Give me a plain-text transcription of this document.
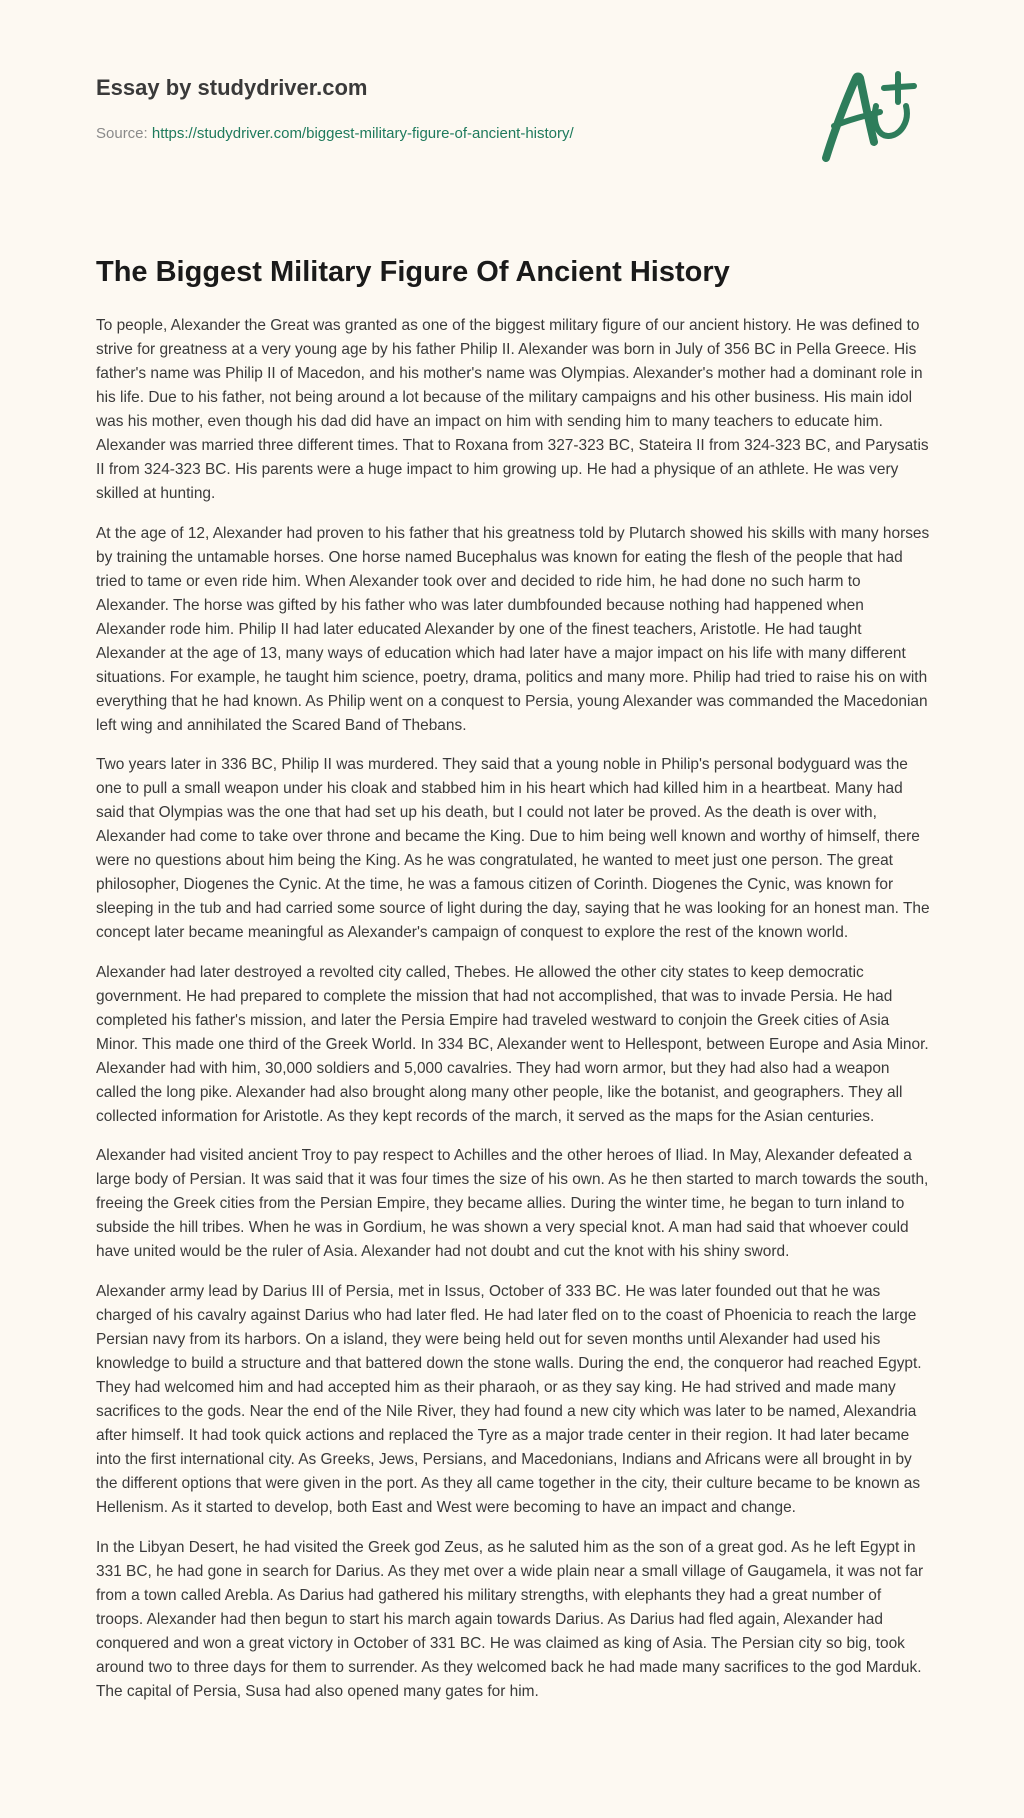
Essay by studydriver.com
Source: https://studydriver.com/biggest-military-figure-of-ancient-history/
The Biggest Military Figure Of Ancient History

To people, Alexander the Great was granted as one of the biggest military figure of our ancient history. He was defined to strive for greatness at a very young age by his father Philip II. Alexander was born in July of 356 BC in Pella Greece. His father's name was Philip II of Macedon, and his mother's name was Olympias. Alexander's mother had a dominant role in his life. Due to his father, not being around a lot because of the military campaigns and his other business. His main idol was his mother, even though his dad did have an impact on him with sending him to many teachers to educate him. Alexander was married three different times. That to Roxana from 327-323 BC, Stateira II from 324-323 BC, and Parysatis II from 324-323 BC. His parents were a huge impact to him growing up. He had a physique of an athlete. He was very skilled at hunting.

At the age of 12, Alexander had proven to his father that his greatness told by Plutarch showed his skills with many horses by training the untamable horses. One horse named Bucephalus was known for eating the flesh of the people that had tried to tame or even ride him. When Alexander took over and decided to ride him, he had done no such harm to Alexander. The horse was gifted by his father who was later dumbfounded because nothing had happened when Alexander rode him. Philip II had later educated Alexander by one of the finest teachers, Aristotle. He had taught Alexander at the age of 13, many ways of education which had later have a major impact on his life with many different situations. For example, he taught him science, poetry, drama, politics and many more. Philip had tried to raise his on with everything that he had known. As Philip went on a conquest to Persia, young Alexander was commanded the Macedonian left wing and annihilated the Scared Band of Thebans.

Two years later in 336 BC, Philip II was murdered. They said that a young noble in Philip's personal bodyguard was the one to pull a small weapon under his cloak and stabbed him in his heart which had killed him in a heartbeat. Many had said that Olympias was the one that had set up his death, but I could not later be proved. As the death is over with, Alexander had come to take over throne and became the King. Due to him being well known and worthy of himself, there were no questions about him being the King. As he was congratulated, he wanted to meet just one person. The great philosopher, Diogenes the Cynic. At the time, he was a famous citizen of Corinth. Diogenes the Cynic, was known for sleeping in the tub and had carried some source of light during the day, saying that he was looking for an honest man. The concept later became meaningful as Alexander's campaign of conquest to explore the rest of the known world.

Alexander had later destroyed a revolted city called, Thebes. He allowed the other city states to keep democratic government. He had prepared to complete the mission that had not accomplished, that was to invade Persia. He had completed his father's mission, and later the Persia Empire had traveled westward to conjoin the Greek cities of Asia Minor. This made one third of the Greek World. In 334 BC, Alexander went to Hellespont, between Europe and Asia Minor. Alexander had with him, 30,000 soldiers and 5,000 cavalries. They had worn armor, but they had also had a weapon called the long pike. Alexander had also brought along many other people, like the botanist, and geographers. They all collected information for Aristotle. As they kept records of the march, it served as the maps for the Asian centuries.

Alexander had visited ancient Troy to pay respect to Achilles and the other heroes of Iliad. In May, Alexander defeated a large body of Persian. It was said that it was four times the size of his own. As he then started to march towards the south, freeing the Greek cities from the Persian Empire, they became allies. During the winter time, he began to turn inland to subside the hill tribes. When he was in Gordium, he was shown a very special knot. A man had said that whoever could have united would be the ruler of Asia. Alexander had not doubt and cut the knot with his shiny sword.

Alexander army lead by Darius III of Persia, met in Issus, October of 333 BC. He was later founded out that he was charged of his cavalry against Darius who had later fled. He had later fled on to the coast of Phoenicia to reach the large Persian navy from its harbors. On a island, they were being held out for seven months until Alexander had used his knowledge to build a structure and that battered down the stone walls. During the end, the conqueror had reached Egypt. They had welcomed him and had accepted him as their pharaoh, or as they say king. He had strived and made many sacrifices to the gods. Near the end of the Nile River, they had found a new city which was later to be named, Alexandria after himself. It had took quick actions and replaced the Tyre as a major trade center in their region. It had later became into the first international city. As Greeks, Jews, Persians, and Macedonians, Indians and Africans were all brought in by the different options that were given in the port. As they all came together in the city, their culture became to be known as Hellenism. As it started to develop, both East and West were becoming to have an impact and change.

In the Libyan Desert, he had visited the Greek god Zeus, as he saluted him as the son of a great god. As he left Egypt in 331 BC, he had gone in search for Darius. As they met over a wide plain near a small village of Gaugamela, it was not far from a town called Arebla. As Darius had gathered his military strengths, with elephants they had a great number of troops. Alexander had then begun to start his march again towards Darius. As Darius had fled again, Alexander had conquered and won a great victory in October of 331 BC. He was claimed as king of Asia. The Persian city so big, took around two to three days for them to surrender. As they welcomed back he had made many sacrifices to the god Marduk. The capital of Persia, Susa had also opened many gates for him.
